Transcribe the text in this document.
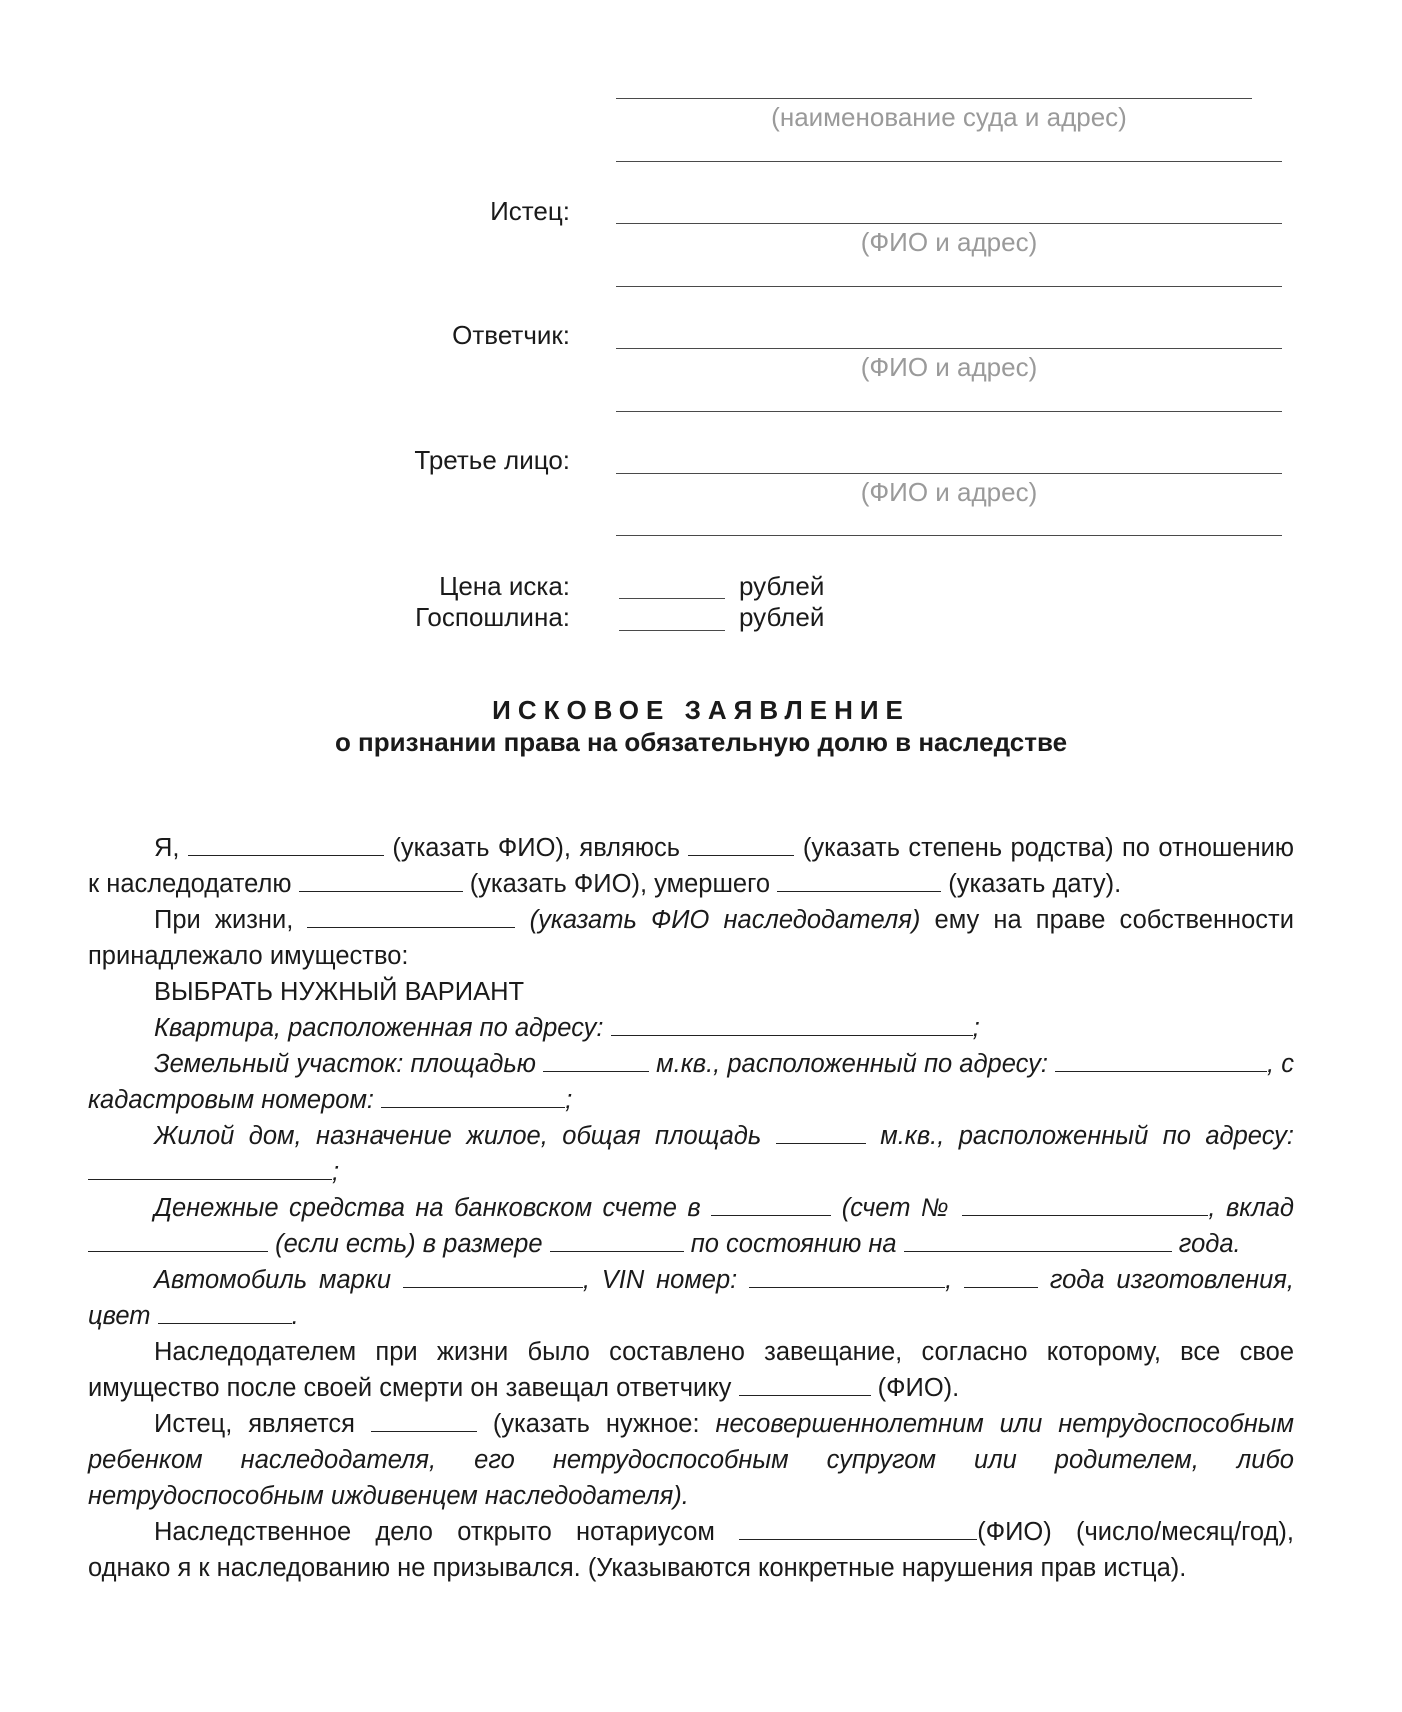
(наименование суда и адрес)
Истец:
(ФИО и адрес)
Ответчик:
(ФИО и адрес)
Третье лицо:
(ФИО и адрес)
Цена иска:	рублей
Госпошлина:	рублей
ИСКОВОЕ ЗАЯВЛЕНИЕ
о признании права на обязательную долю в наследстве

Я,	(указать ФИО), являюсь	(указать степень родства) по отношению к наследодателю	(указать ФИО), умершего	(указать дату).

При жизни,	(указать ФИО наследодателя) ему на праве собственности принадлежало имущество:

ВЫБРАТЬ НУЖНЫЙ ВАРИАНТ

Квартира, расположенная по адресу:	;

Земельный участок: площадью	м.кв., расположенный по адресу:	, с кадастровым номером:	;

Жилой дом, назначение жилое, общая площадь	м.кв., расположенный по адресу: ;

Денежные средства на банковском счете в	(счет №	, вклад  (если есть) в размере	по состоянию на	года.

Автомобиль марки	, VIN номер:	,	года изготовления, цвет	.

Наследодателем при жизни было составлено завещание, согласно которому, все свое имущество после своей смерти он завещал ответчику	(ФИО).

Истец, является	(указать нужное: несовершеннолетним или нетрудоспособным ребенком наследодателя, его нетрудоспособным супругом или родителем, либо нетрудоспособным иждивенцем наследодателя).

Наследственное дело открыто нотариусом	(ФИО) (число/месяц/год), однако я к наследованию не призывался. (Указываются конкретные нарушения прав истца).
